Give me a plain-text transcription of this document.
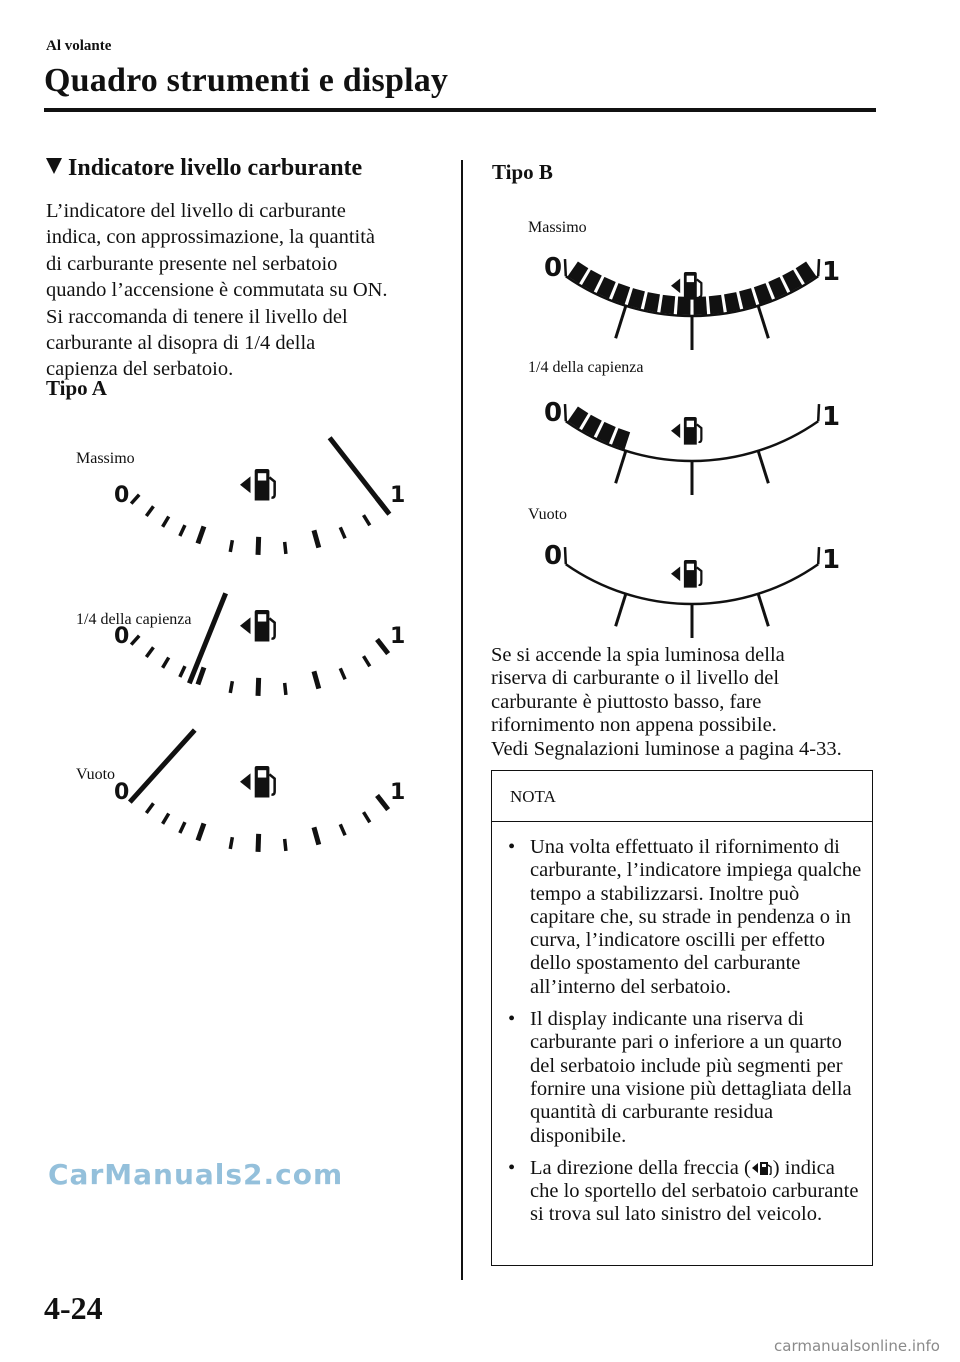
Al volante
Quadro strumenti e display
Indicatore livello carburante

L’indicatore del livello di carburante

indica, con approssimazione, la quantità

di carburante presente nel serbatoio

quando l’accensione è commutata su ON.

Si raccomanda di tenere il livello del

carburante al disopra di 1/4 della

capienza del serbatoio.

Tipo A
Tipo B
Massimo
0	1
1/4 della capienza
0	1
Vuoto
0	1
Massimo
0	1
1/4 della capienza
0	1
Vuoto
0	1

Se si accende la spia luminosa della

riserva di carburante o il livello del

carburante è piuttosto basso, fare

rifornimento non appena possibile.

Vedi Segnalazioni luminose a pagina 4-33.

NOTA
• Una volta effettuato il rifornimento di carburante, l’indicatore impiega qualche tempo a stabilizzarsi. Inoltre può capitare che, su strade in pendenza o in curva, l’indicatore oscilli per effetto dello spostamento del carburante all’interno del serbatoio.
• Il display indicante una riserva di carburante pari o inferiore a un quarto del serbatoio include più segmenti per fornire una visione più dettagliata della quantità di carburante residua disponibile.
• La direzione della freccia ( ) indica che lo sportello del serbatoio carburante si trova sul lato sinistro del veicolo.
4-24
CarManuals2.com
carmanualsonline.info
